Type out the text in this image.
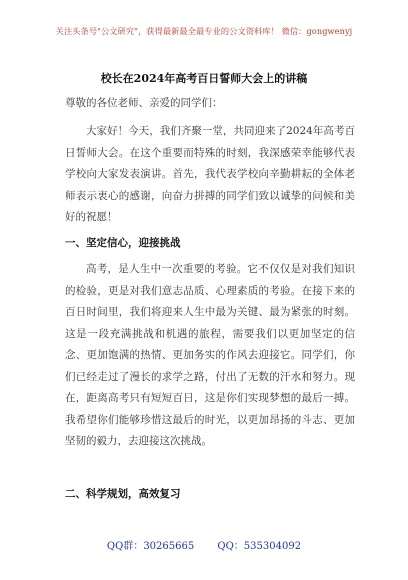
关注头条号"公文研究"，获得最新最全最专业的公文资料库！ 微信：gongwenyj
校长在2024年高考百日誓师大会上的讲稿
尊敬的各位老师、亲爱的同学们：

大家好！今天，我们齐聚一堂，共同迎来了2024年高考百日誓师大会。在这个重要而特殊的时刻，我深感荣幸能够代表学校向大家发表演讲。首先，我代表学校向辛勤耕耘的全体老师表示衷心的感谢，向奋力拼搏的同学们致以诚挚的问候和美好的祝愿！

一、坚定信心，迎接挑战

高考，是人生中一次重要的考验。它不仅仅是对我们知识的检验，更是对我们意志品质、心理素质的考验。在接下来的百日时间里，我们将迎来人生中最为关键、最为紧张的时刻。这是一段充满挑战和机遇的旅程，需要我们以更加坚定的信念、更加饱满的热情、更加务实的作风去迎接它。同学们，你们已经走过了漫长的求学之路，付出了无数的汗水和努力。现在，距离高考只有短短百日，这是你们实现梦想的最后一搏。我希望你们能够珍惜这最后的时光，以更加昂扬的斗志、更加坚韧的毅力，去迎接这次挑战。

二、科学规划，高效复习
QQ群：30265665 QQ：535304092
